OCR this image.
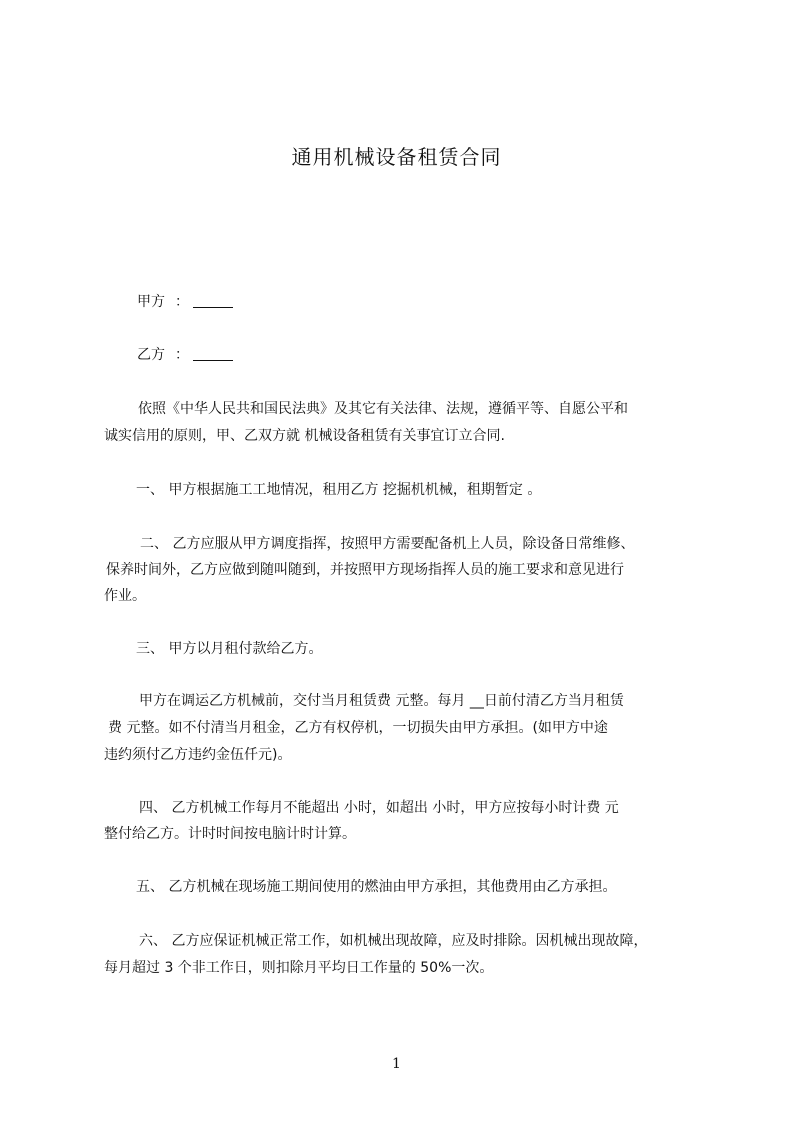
通用机械设备租赁合同
甲方 ：
乙方 ：
依照《中华人民共和国民法典》及其它有关法律、法规，遵循平等、自愿公平和
诚实信用的原则，甲、乙双方就 机械设备租赁有关事宜订立合同.
一、 甲方根据施工工地情况，租用乙方 挖掘机机械，租期暂定 。
二、 乙方应服从甲方调度指挥，按照甲方需要配备机上人员，除设备日常维修、
保养时间外，乙方应做到随叫随到，并按照甲方现场指挥人员的施工要求和意见进行
作业。
三、 甲方以月租付款给乙方。
甲方在调运乙方机械前，交付当月租赁费 元整。每月 __日前付清乙方当月租赁
费 元整。如不付清当月租金，乙方有权停机，一切损失由甲方承担。(如甲方中途
违约须付乙方违约金伍仟元)。
四、 乙方机械工作每月不能超出 小时，如超出 小时，甲方应按每小时计费 元
整付给乙方。计时时间按电脑计时计算。
五、 乙方机械在现场施工期间使用的燃油由甲方承担，其他费用由乙方承担。
六、 乙方应保证机械正常工作，如机械出现故障，应及时排除。因机械出现故障，
每月超过 3 个非工作日，则扣除月平均日工作量的 50%一次。
1
